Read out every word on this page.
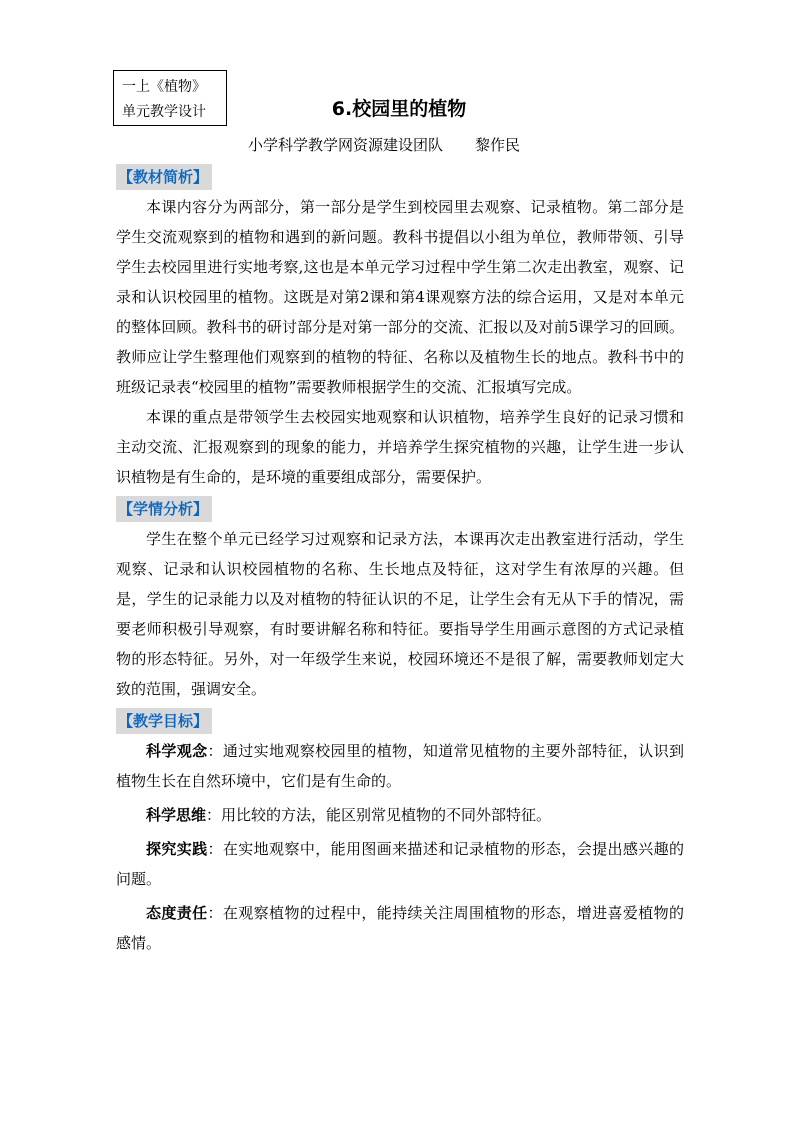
一上《植物》
单元教学设计	6.校园里的植物
小学科学教学网资源建设团队 黎作民
【教材简析】

本课内容分为两部分，第一部分是学生到校园里去观察、记录植物。第二部分是学生交流观察到的植物和遇到的新问题。教科书提倡以小组为单位，教师带领、引导学生去校园里进行实地考察,这也是本单元学习过程中学生第二次走出教室，观察、记录和认识校园里的植物。这既是对第2课和第4课观察方法的综合运用，又是对本单元的整体回顾。教科书的研讨部分是对第一部分的交流、汇报以及对前5课学习的回顾。教师应让学生整理他们观察到的植物的特征、名称以及植物生长的地点。教科书中的班级记录表“校园里的植物”需要教师根据学生的交流、汇报填写完成。

本课的重点是带领学生去校园实地观察和认识植物，培养学生良好的记录习惯和主动交流、汇报观察到的现象的能力，并培养学生探究植物的兴趣，让学生进一步认识植物是有生命的，是环境的重要组成部分，需要保护。

【学情分析】

学生在整个单元已经学习过观察和记录方法，本课再次走出教室进行活动，学生观察、记录和认识校园植物的名称、生长地点及特征，这对学生有浓厚的兴趣。但是，学生的记录能力以及对植物的特征认识的不足，让学生会有无从下手的情况，需要老师积极引导观察，有时要讲解名称和特征。要指导学生用画示意图的方式记录植物的形态特征。另外，对一年级学生来说，校园环境还不是很了解，需要教师划定大致的范围，强调安全。

【教学目标】

科学观念：通过实地观察校园里的植物，知道常见植物的主要外部特征，认识到植物生长在自然环境中，它们是有生命的。

科学思维：用比较的方法，能区别常见植物的不同外部特征。

探究实践：在实地观察中，能用图画来描述和记录植物的形态，会提出感兴趣的问题。

态度责任：在观察植物的过程中，能持续关注周围植物的形态，增进喜爱植物的感情。
